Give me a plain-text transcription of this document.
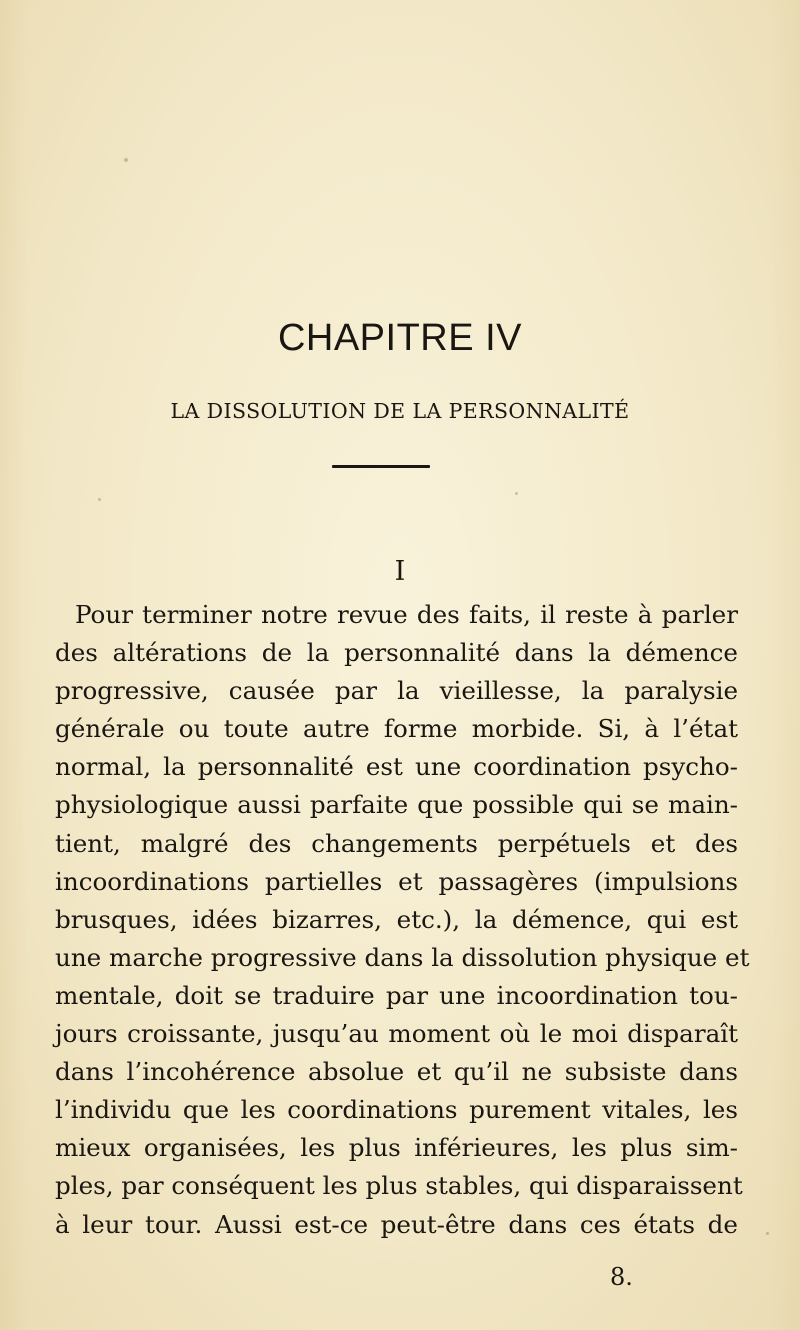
CHAPITRE IV
LA DISSOLUTION DE LA PERSONNALITÉ
I
Pour terminer notre revue des faits, il reste à parler
des altérations de la personnalité dans la démence
progressive, causée par la vieillesse, la paralysie
générale ou toute autre forme morbide. Si, à l’état
normal, la personnalité est une coordination psycho-
physiologique aussi parfaite que possible qui se main-
tient, malgré des changements perpétuels et des
incoordinations partielles et passagères (impulsions
brusques, idées bizarres, etc.), la démence, qui est
une marche progressive dans la dissolution physique et
mentale, doit se traduire par une incoordination tou-
jours croissante, jusqu’au moment où le moi disparaît
dans l’incohérence absolue et qu’il ne subsiste dans
l’individu que les coordinations purement vitales, les
mieux organisées, les plus inférieures, les plus sim-
ples, par conséquent les plus stables, qui disparaissent
à leur tour. Aussi est-ce peut-être dans ces états de
8.
